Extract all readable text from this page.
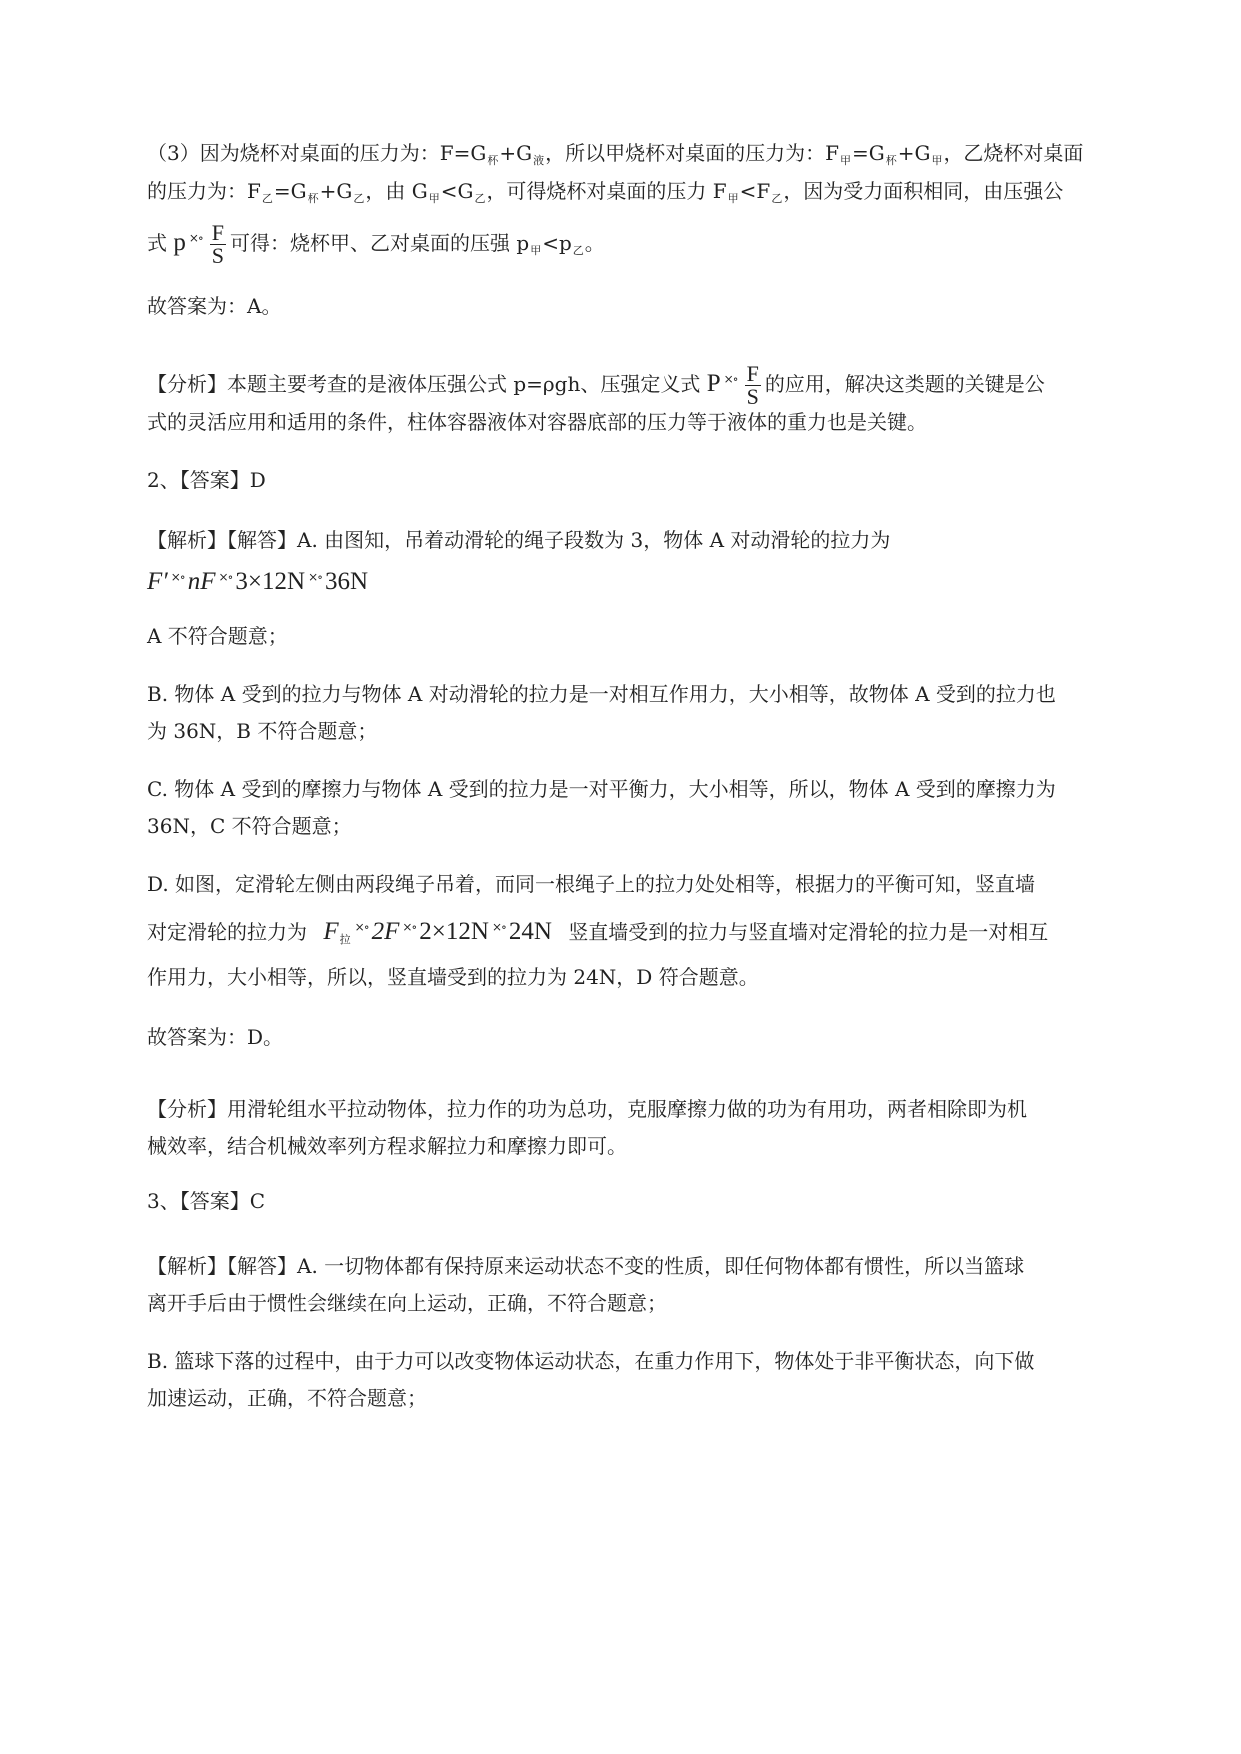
（3）因为烧杯对桌面的压力为：$F=G_杯+G_液$，所以甲烧杯对桌面的压力为：$F_甲=G_杯+G_甲$，乙烧杯对桌面
的压力为：$F_乙=G_杯+G_乙$，由 $G_甲<G_乙$，可得烧杯对桌面的压力 $F_甲<F_乙$，因为受力面积相同，由压强公
式 p $^{\times\circ} \frac{F}{S}$ 可得：烧杯甲、乙对桌面的压强 $p_甲<p_乙$。
故答案为：A。
【分析】本题主要考查的是液体压强公式 p=ρgh、压强定义式 P $^{\times\circ} \frac{F}{S}$ 的应用，解决这类题的关键是公
式的灵活应用和适用的条件，柱体容器液体对容器底部的压力等于液体的重力也是关键。
2、【答案】D
【解析】【解答】A. 由图知，吊着动滑轮的绳子段数为 3，物体 A 对动滑轮的拉力为
F′ ×∘ nF ×∘ 3×12N ×∘ 36N
A 不符合题意；
B. 物体 A 受到的拉力与物体 A 对动滑轮的拉力是一对相互作用力，大小相等，故物体 A 受到的拉力也
为 36N，B 不符合题意；
C. 物体 A 受到的摩擦力与物体 A 受到的拉力是一对平衡力，大小相等，所以，物体 A 受到的摩擦力为
36N，C 不符合题意；
D. 如图，定滑轮左侧由两段绳子吊着，而同一根绳子上的拉力处处相等，根据力的平衡可知，竖直墙
对定滑轮的拉力为 $F_拉^{\times\circ}$ 2F ×∘ 2×12N ×∘ 24N 竖直墙受到的拉力与竖直墙对定滑轮的拉力是一对相互
作用力，大小相等，所以，竖直墙受到的拉力为 24N，D 符合题意。
故答案为：D。
【分析】用滑轮组水平拉动物体，拉力作的功为总功，克服摩擦力做的功为有用功，两者相除即为机
械效率，结合机械效率列方程求解拉力和摩擦力即可。
3、【答案】C
【解析】【解答】A. 一切物体都有保持原来运动状态不变的性质，即任何物体都有惯性，所以当篮球
离开手后由于惯性会继续在向上运动，正确，不符合题意；
B. 篮球下落的过程中，由于力可以改变物体运动状态，在重力作用下，物体处于非平衡状态，向下做
加速运动，正确，不符合题意；
